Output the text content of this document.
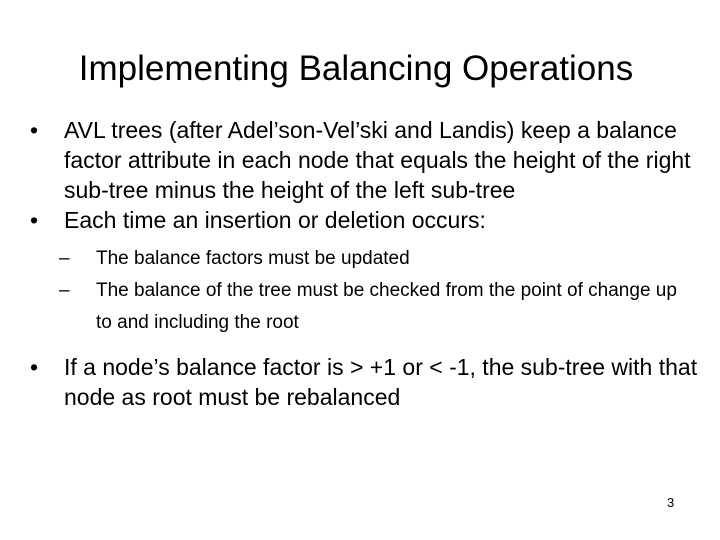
Implementing Balancing Operations
• AVL trees (after Adel’son-Vel’ski and Landis) keep a balance factor attribute in each node that equals the height of the right sub-tree minus the height of the left sub-tree
• Each time an insertion or deletion occurs:
– The balance factors must be updated
– The balance of the tree must be checked from the point of change up to and including the root
• If a node’s balance factor is > +1 or < -1, the sub-tree with that node as root must be rebalanced
3
